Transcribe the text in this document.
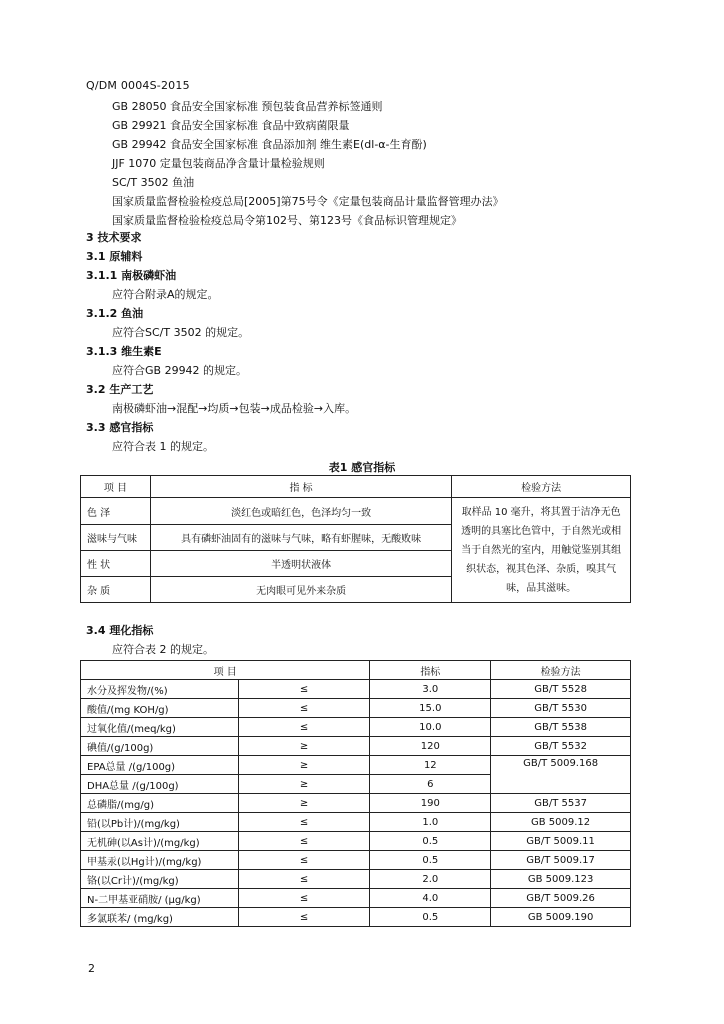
Q/DM 0004S-2015
GB 28050 食品安全国家标准 预包装食品营养标签通则
GB 29921 食品安全国家标准 食品中致病菌限量
GB 29942 食品安全国家标准 食品添加剂 维生素E(dl-α-生育酚)
JJF 1070 定量包装商品净含量计量检验规则
SC/T 3502 鱼油
国家质量监督检验检疫总局[2005]第75号令《定量包装商品计量监督管理办法》
国家质量监督检验检疫总局令第102号、第123号《食品标识管理规定》
3 技术要求
3.1 原辅料
3.1.1 南极磷虾油
应符合附录A的规定。
3.1.2 鱼油
应符合SC/T 3502 的规定。
3.1.3 维生素E
应符合GB 29942 的规定。
3.2 生产工艺
南极磷虾油→混配→均质→包装→成品检验→入库。
3.3 感官指标
应符合表 1 的规定。
表1 感官指标
项 目	指 标	检验方法
色 泽	淡红色或暗红色，色泽均匀一致	取样品 10 毫升，将其置于洁净无色透明的具塞比色管中，于自然光或相当于自然光的室内，用触觉鉴别其组织状态，视其色泽、杂质，嗅其气味，品其滋味。
滋味与气味	具有磷虾油固有的滋味与气味，略有虾腥味，无酸败味	
性 状	半透明状液体	
杂 质	无肉眼可见外来杂质	
3.4 理化指标
应符合表 2 的规定。
项 目		指标	检验方法
水分及挥发物/(%)	≤	3.0	GB/T 5528
酸值/(mg KOH/g)	≤	15.0	GB/T 5530
过氧化值/(meq/kg)	≤	10.0	GB/T 5538
碘值/(g/100g)	≥	120	GB/T 5532
EPA总量 /(g/100g)	≥	12	GB/T 5009.168
DHA总量 /(g/100g)	≥	6	
总磷脂/(mg/g)	≥	190	GB/T 5537
铅(以Pb计)/(mg/kg)	≤	1.0	GB 5009.12
无机砷(以As计)/(mg/kg)	≤	0.5	GB/T 5009.11
甲基汞(以Hg计)/(mg/kg)	≤	0.5	GB/T 5009.17
铬(以Cr计)/(mg/kg)	≤	2.0	GB 5009.123
N-二甲基亚硝胺/ (μg/kg)	≤	4.0	GB/T 5009.26
多氯联苯/ (mg/kg)	≤	0.5	GB 5009.190
2
